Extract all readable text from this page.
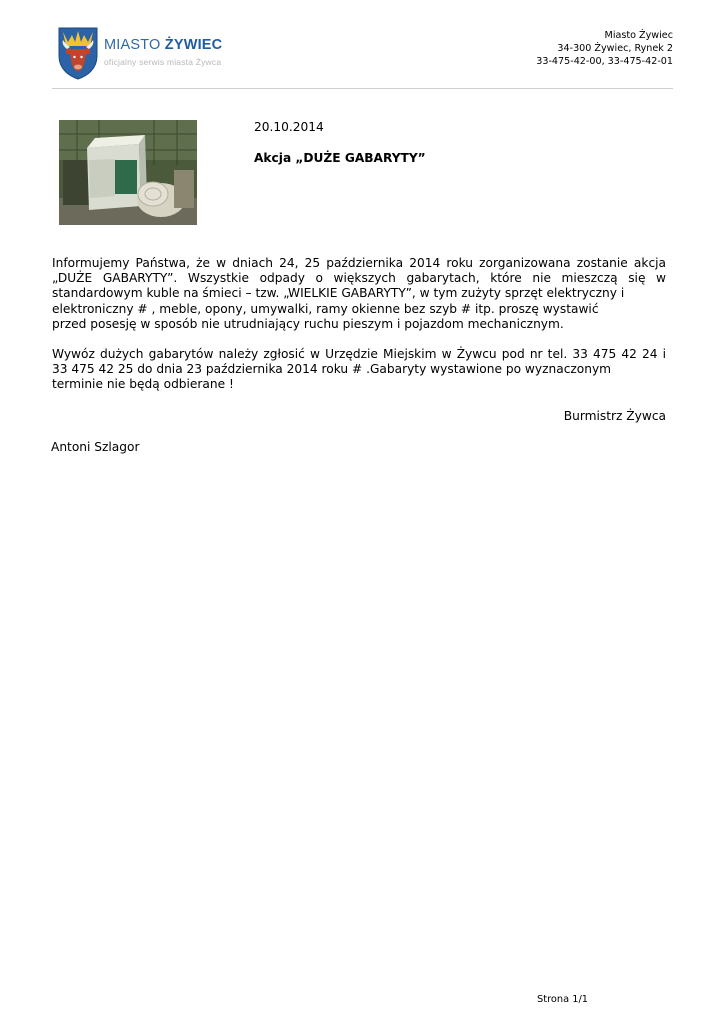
MIASTO ŻYWIEC
oficjalny serwis miasta Żywca
Miasto Żywiec
34-300 Żywiec, Rynek 2
33-475-42-00, 33-475-42-01
20.10.2014
Akcja „DUŻE GABARYTY”

Informujemy Państwa, że w dniach 24, 25 października 2014 roku zorganizowana zostanie akcja „DUŻE GABARYTY”. Wszystkie odpady o większych gabarytach, które nie mieszczą się w standardowym kuble na śmieci – tzw. „WIELKIE GABARYTY”, w tym zużyty sprzęt elektryczny i
elektroniczny # , meble, opony, umywalki, ramy okienne bez szyb # itp. proszę wystawić
przed posesję w sposób nie utrudniający ruchu pieszym i pojazdom mechanicznym.

Wywóz dużych gabarytów należy zgłosić w Urzędzie Miejskim w Żywcu pod nr tel. 33 475 42 24 i
33 475 42 25 do dnia 23 października 2014 roku # .Gabaryty wystawione po wyznaczonym
terminie nie będą odbierane !

Burmistrz Żywca
Antoni Szlagor
Strona 1/1
